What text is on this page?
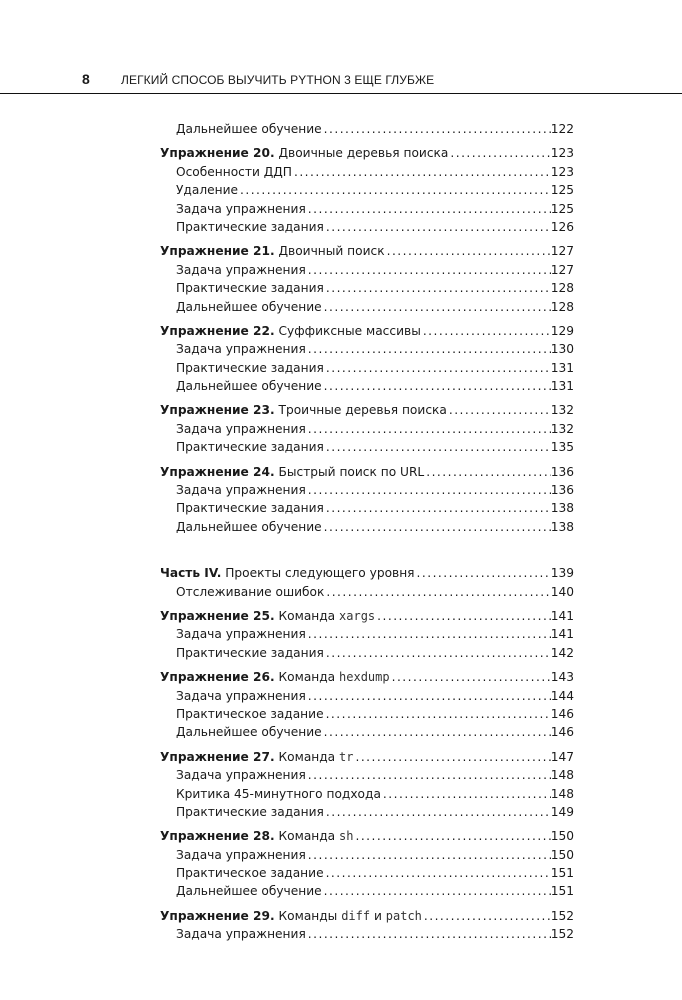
8	ЛЕГКИЙ СПОСОБ ВЫУЧИТЬ PYTHON 3 ЕЩЕ ГЛУБЖЕ
Дальнейшее обучение . . .	122
Упражнение 20. Двоичные деревья поиска . . .	123
Особенности ДДП . . .	123
Удаление . . .	125
Задача упражнения . . .	125
Практические задания . . .	126
Упражнение 21. Двоичный поиск . . .	127
Задача упражнения . . .	127
Практические задания . . .	128
Дальнейшее обучение . . .	128
Упражнение 22. Суффиксные массивы . . .	129
Задача упражнения . . .	130
Практические задания . . .	131
Дальнейшее обучение . . .	131
Упражнение 23. Троичные деревья поиска . . .	132
Задача упражнения . . .	132
Практические задания . . .	135
Упражнение 24. Быстрый поиск по URL . . .	136
Задача упражнения . . .	136
Практические задания . . .	138
Дальнейшее обучение . . .	138
Часть IV. Проекты следующего уровня . . .	139
Отслеживание ошибок . . .	140
Упражнение 25. Команда xargs . . .	141
Задача упражнения . . .	141
Практические задания . . .	142
Упражнение 26. Команда hexdump . . .	143
Задача упражнения . . .	144
Практическое задание . . .	146
Дальнейшее обучение . . .	146
Упражнение 27. Команда tr . . .	147
Задача упражнения . . .	148
Критика 45-минутного подхода . . .	148
Практические задания . . .	149
Упражнение 28. Команда sh . . .	150
Задача упражнения . . .	150
Практическое задание . . .	151
Дальнейшее обучение . . .	151
Упражнение 29. Команды diff и patch . . .	152
Задача упражнения . . .	152
